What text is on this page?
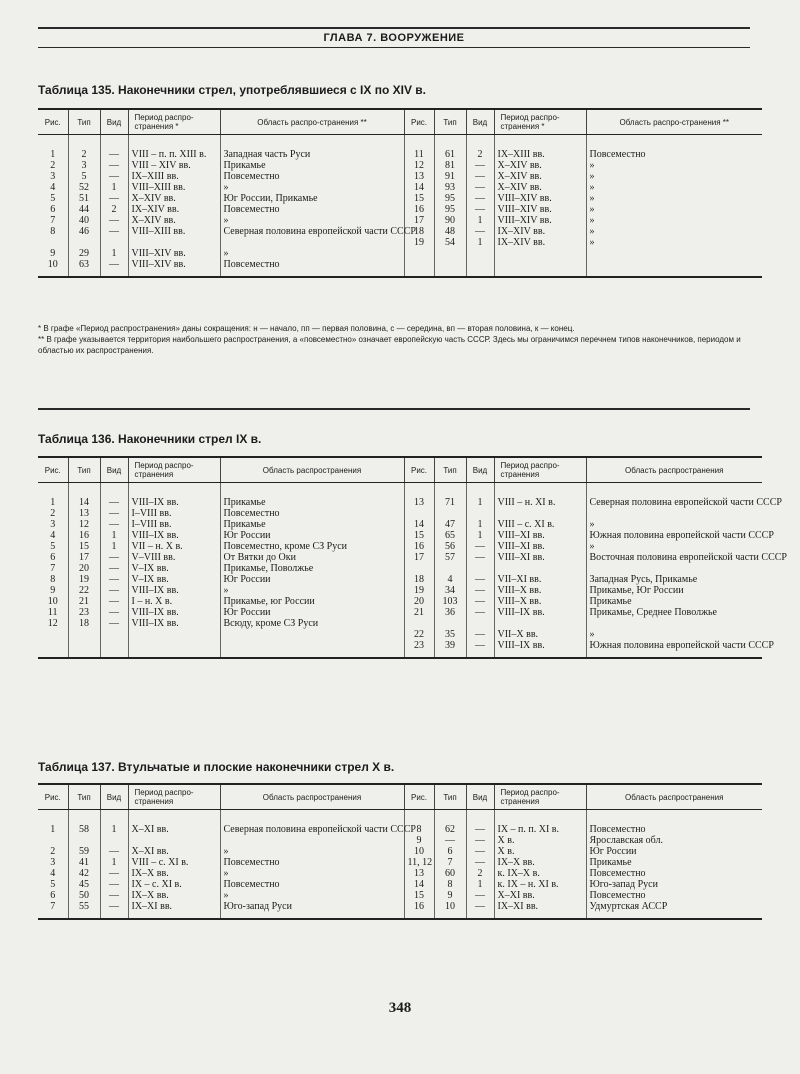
ГЛАВА 7. ВООРУЖЕНИЕ
Таблица 135. Наконечники стрел, употреблявшиеся с IX по XIV в.
Рис.	Тип	Вид	Период распро-странения *	Область распро-странения **	Рис.	Тип	Вид	Период распро-странения *	Область распро-странения **

1	2	—	VIII – п. п. XIII в.	Западная часть Руси	11	61	2	IX–XIII вв.	Повсеместно
2	3	—	VIII – XIV вв.	Прикамье	12	81	—	X–XIV вв.	»
3	5	—	IX–XIII вв.	Повсеместно	13	91	—	X–XIV вв.	»
4	52	1	VIII–XIII вв.	»	14	93	—	X–XIV вв.	»
5	51	—	X–XIV вв.	Юг России, Прикамье	15	95	—	VIII–XIV вв.	»
6	44	2	IX–XIV вв.	Повсеместно	16	95	—	VIII–XIV вв.	»
7	40	—	X–XIV вв.	»	17	90	1	VIII–XIV вв.	»
8	46	—	VIII–XIII вв.	Северная половина европейской части СССР	18	48	—	IX–XIV вв.	»
					19	54	1	IX–XIV вв.	»
9	29	1	VIII–XIV вв.	»					
10	63	—	VIII–XIV вв.	Повсеместно					

* В графе «Период распространения» даны сокращения: н — начало, пп — первая половина, с — середина, вп — вторая половина, к — конец.

** В графе указывается территория наибольшего распространения, а «повсеместно» означает европейскую часть СССР. Здесь мы ограничимся перечнем типов наконечников, периодом и областью их распространения.

Таблица 136. Наконечники стрел IX в.
Рис.	Тип	Вид	Период распро-странения	Область распространения	Рис.	Тип	Вид	Период распро-странения	Область распространения

1	14	—	VIII–IX вв.	Прикамье	13	71	1	VIII – н. XI в.	Северная половина европейской части СССР
2	13	—	I–VIII вв.	Повсеместно					
3	12	—	I–VIII вв.	Прикамье	14	47	1	VIII – с. XI в.	»
4	16	1	VIII–IX вв.	Юг России	15	65	1	VIII–XI вв.	Южная половина европейской части СССР
5	15	1	VII – н. X в.	Повсеместно, кроме СЗ Руси	16	56	—	VIII–XI вв.	»
6	17	—	V–VIII вв.	От Вятки до Оки	17	57	—	VIII–XI вв.	Восточная половина европейской части СССР
7	20	—	V–IX вв.	Прикамье, Поволжье					
8	19	—	V–IX вв.	Юг России	18	4	—	VII–XI вв.	Западная Русь, Прикамье
9	22	—	VIII–IX вв.	»	19	34	—	VIII–X вв.	Прикамье, Юг России
10	21	—	I – н. X в.	Прикамье, юг России	20	103	—	VIII–X вв.	Прикамье
11	23	—	VIII–IX вв.	Юг России	21	36	—	VIII–IX вв.	Прикамье, Среднее Поволжье
12	18	—	VIII–IX вв.	Всюду, кроме СЗ Руси					
					22	35	—	VII–X вв.	»
					23	39	—	VIII–IX вв.	Южная половина европейской части СССР

Таблица 137. Втульчатые и плоские наконечники стрел X в.
Рис.	Тип	Вид	Период распро-странения	Область распространения	Рис.	Тип	Вид	Период распро-странения	Область распространения

1	58	1	X–XI вв.	Северная половина европейской части СССР	8	62	—	IX – п. п. XI в.	Повсеместно
					9	—	—	X в.	Ярославская обл.
2	59	—	X–XI вв.	»	10	6	—	X в.	Юг России
3	41	1	VIII – с. XI в.	Повсеместно	11, 12	7	—	IX–X вв.	Прикамье
4	42	—	IX–X вв.	»	13	60	2	к. IX–X в.	Повсеместно
5	45	—	IX – с. XI в.	Повсеместно	14	8	1	к. IX – н. XI в.	Юго-запад Руси
6	50	—	IX–X вв.	»	15	9	—	X–XI вв.	Повсеместно
7	55	—	IX–XI вв.	Юго-запад Руси	16	10	—	IX–XI вв.	Удмуртская АССР

348
